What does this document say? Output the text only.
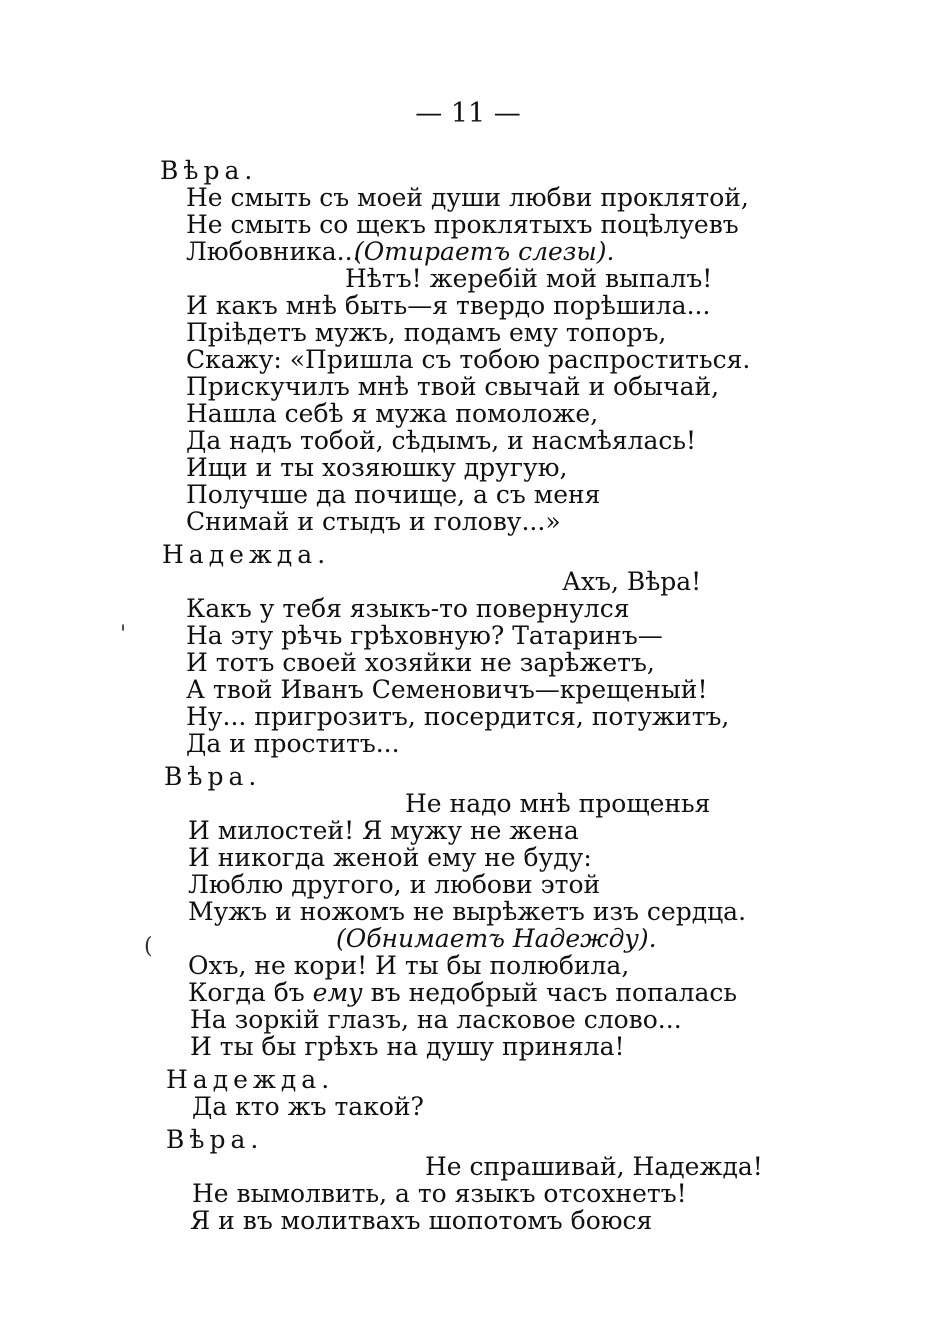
— 11 —
Вѣра.
Не смыть съ моей души любви проклятой,
Не смыть со щекъ проклятыхъ поцѣлуевъ
Любовника...
(Отираетъ слезы).
Нѣтъ! жеребій мой выпалъ!
И какъ мнѣ быть—я твердо порѣшила...
Пріѣдетъ мужъ, подамъ ему топоръ,
Скажу: «Пришла съ тобою распроститься.
Прискучилъ мнѣ твой свычай и обычай,
Нашла себѣ я мужа помоложе,
Да надъ тобой, сѣдымъ, и насмѣялась!
Ищи и ты хозяюшку другую,
Получше да почище, а съ меня
Снимай и стыдъ и голову...»
Надежда.
Ахъ, Вѣра!
Какъ у тебя языкъ-то повернулся
На эту рѣчь грѣховную? Татаринъ—
И тотъ своей хозяйки не зарѣжетъ,
А твой Иванъ Семеновичъ—крещеный!
Ну... пригрозитъ, посердится, потужитъ,
Да и проститъ...
Вѣра.
Не надо мнѣ прощенья
И милостей! Я мужу не жена
И никогда женой ему не буду:
Люблю другого, и любови этой
Мужъ и ножомъ не вырѣжетъ изъ сердца.
(Обнимаетъ Надежду).
Охъ, не кори! И ты бы полюбила,
Когда бъ ему въ недобрый часъ попалась
На зоркій глазъ, на ласковое слово...
И ты бы грѣхъ на душу приняла!
Надежда.
Да кто жъ такой?
Вѣра.
Не спрашивай, Надежда!
Не вымолвить, а то языкъ отсохнетъ!
Я и въ молитвахъ шопотомъ боюся
'
(
